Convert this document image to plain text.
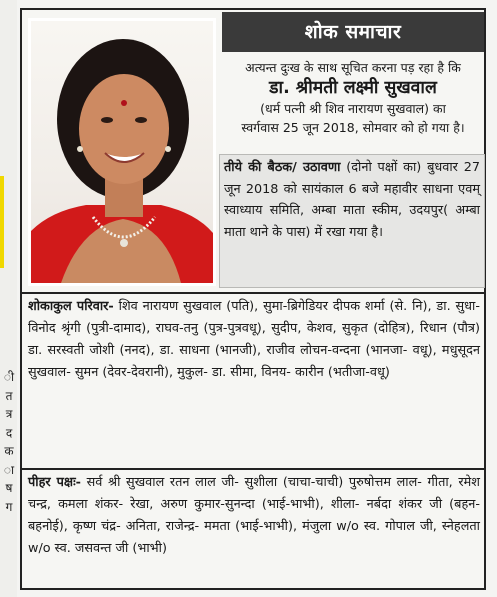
ी
त
त्र
द
क
ा
ष
ग
शोक समाचार
अत्यन्त दुःख के साथ सूचित करना पड़ रहा है कि
डा. श्रीमती लक्ष्मी सुखवाल
(धर्म पत्नी श्री शिव नारायण सुखवाल) का
स्वर्गवास 25 जून 2018, सोमवार को हो गया है।
तीये की बैठक/ उठावणा (दोनो पक्षों का) बुधवार 27 जून 2018 को सायंकाल 6 बजे महावीर साधना एवम् स्वाध्याय समिति, अम्बा माता स्कीम, उदयपुर( अम्बा माता थाने के पास) में रखा गया है।
शोकाकुल परिवार- शिव नारायण सुखवाल (पति), सुमा-ब्रिगेडियर दीपक शर्मा (से. नि), डा. सुधा- विनोद श्रृंगी (पुत्री-दामाद), राघव-तनु (पुत्र-पुत्रवधू), सुदीप, केशव, सुकृत (दोहित्र), रिधान (पौत्र) डा. सरस्वती जोशी (ननद), डा. साधना (भानजी), राजीव लोचन-वन्दना (भानजा- वधू), मधुसूदन सुखवाल- सुमन (देवर-देवरानी), मुकुल- डा. सीमा, विनय- कारीन (भतीजा-वधू)
पीहर पक्षः- सर्व श्री सुखवाल रतन लाल जी- सुशीला (चाचा-चाची) पुरुषोत्तम लाल- गीता, रमेश चन्द्र, कमला शंकर- रेखा, अरुण कुमार-सुनन्दा (भाई-भाभी), शीला- नर्बदा शंकर जी (बहन-बहनोई), कृष्ण चंद्र- अनिता, राजेन्द्र- ममता (भाई-भाभी), मंजुला w/o स्व. गोपाल जी, स्नेहलता w/o स्व. जसवन्त जी (भाभी)
